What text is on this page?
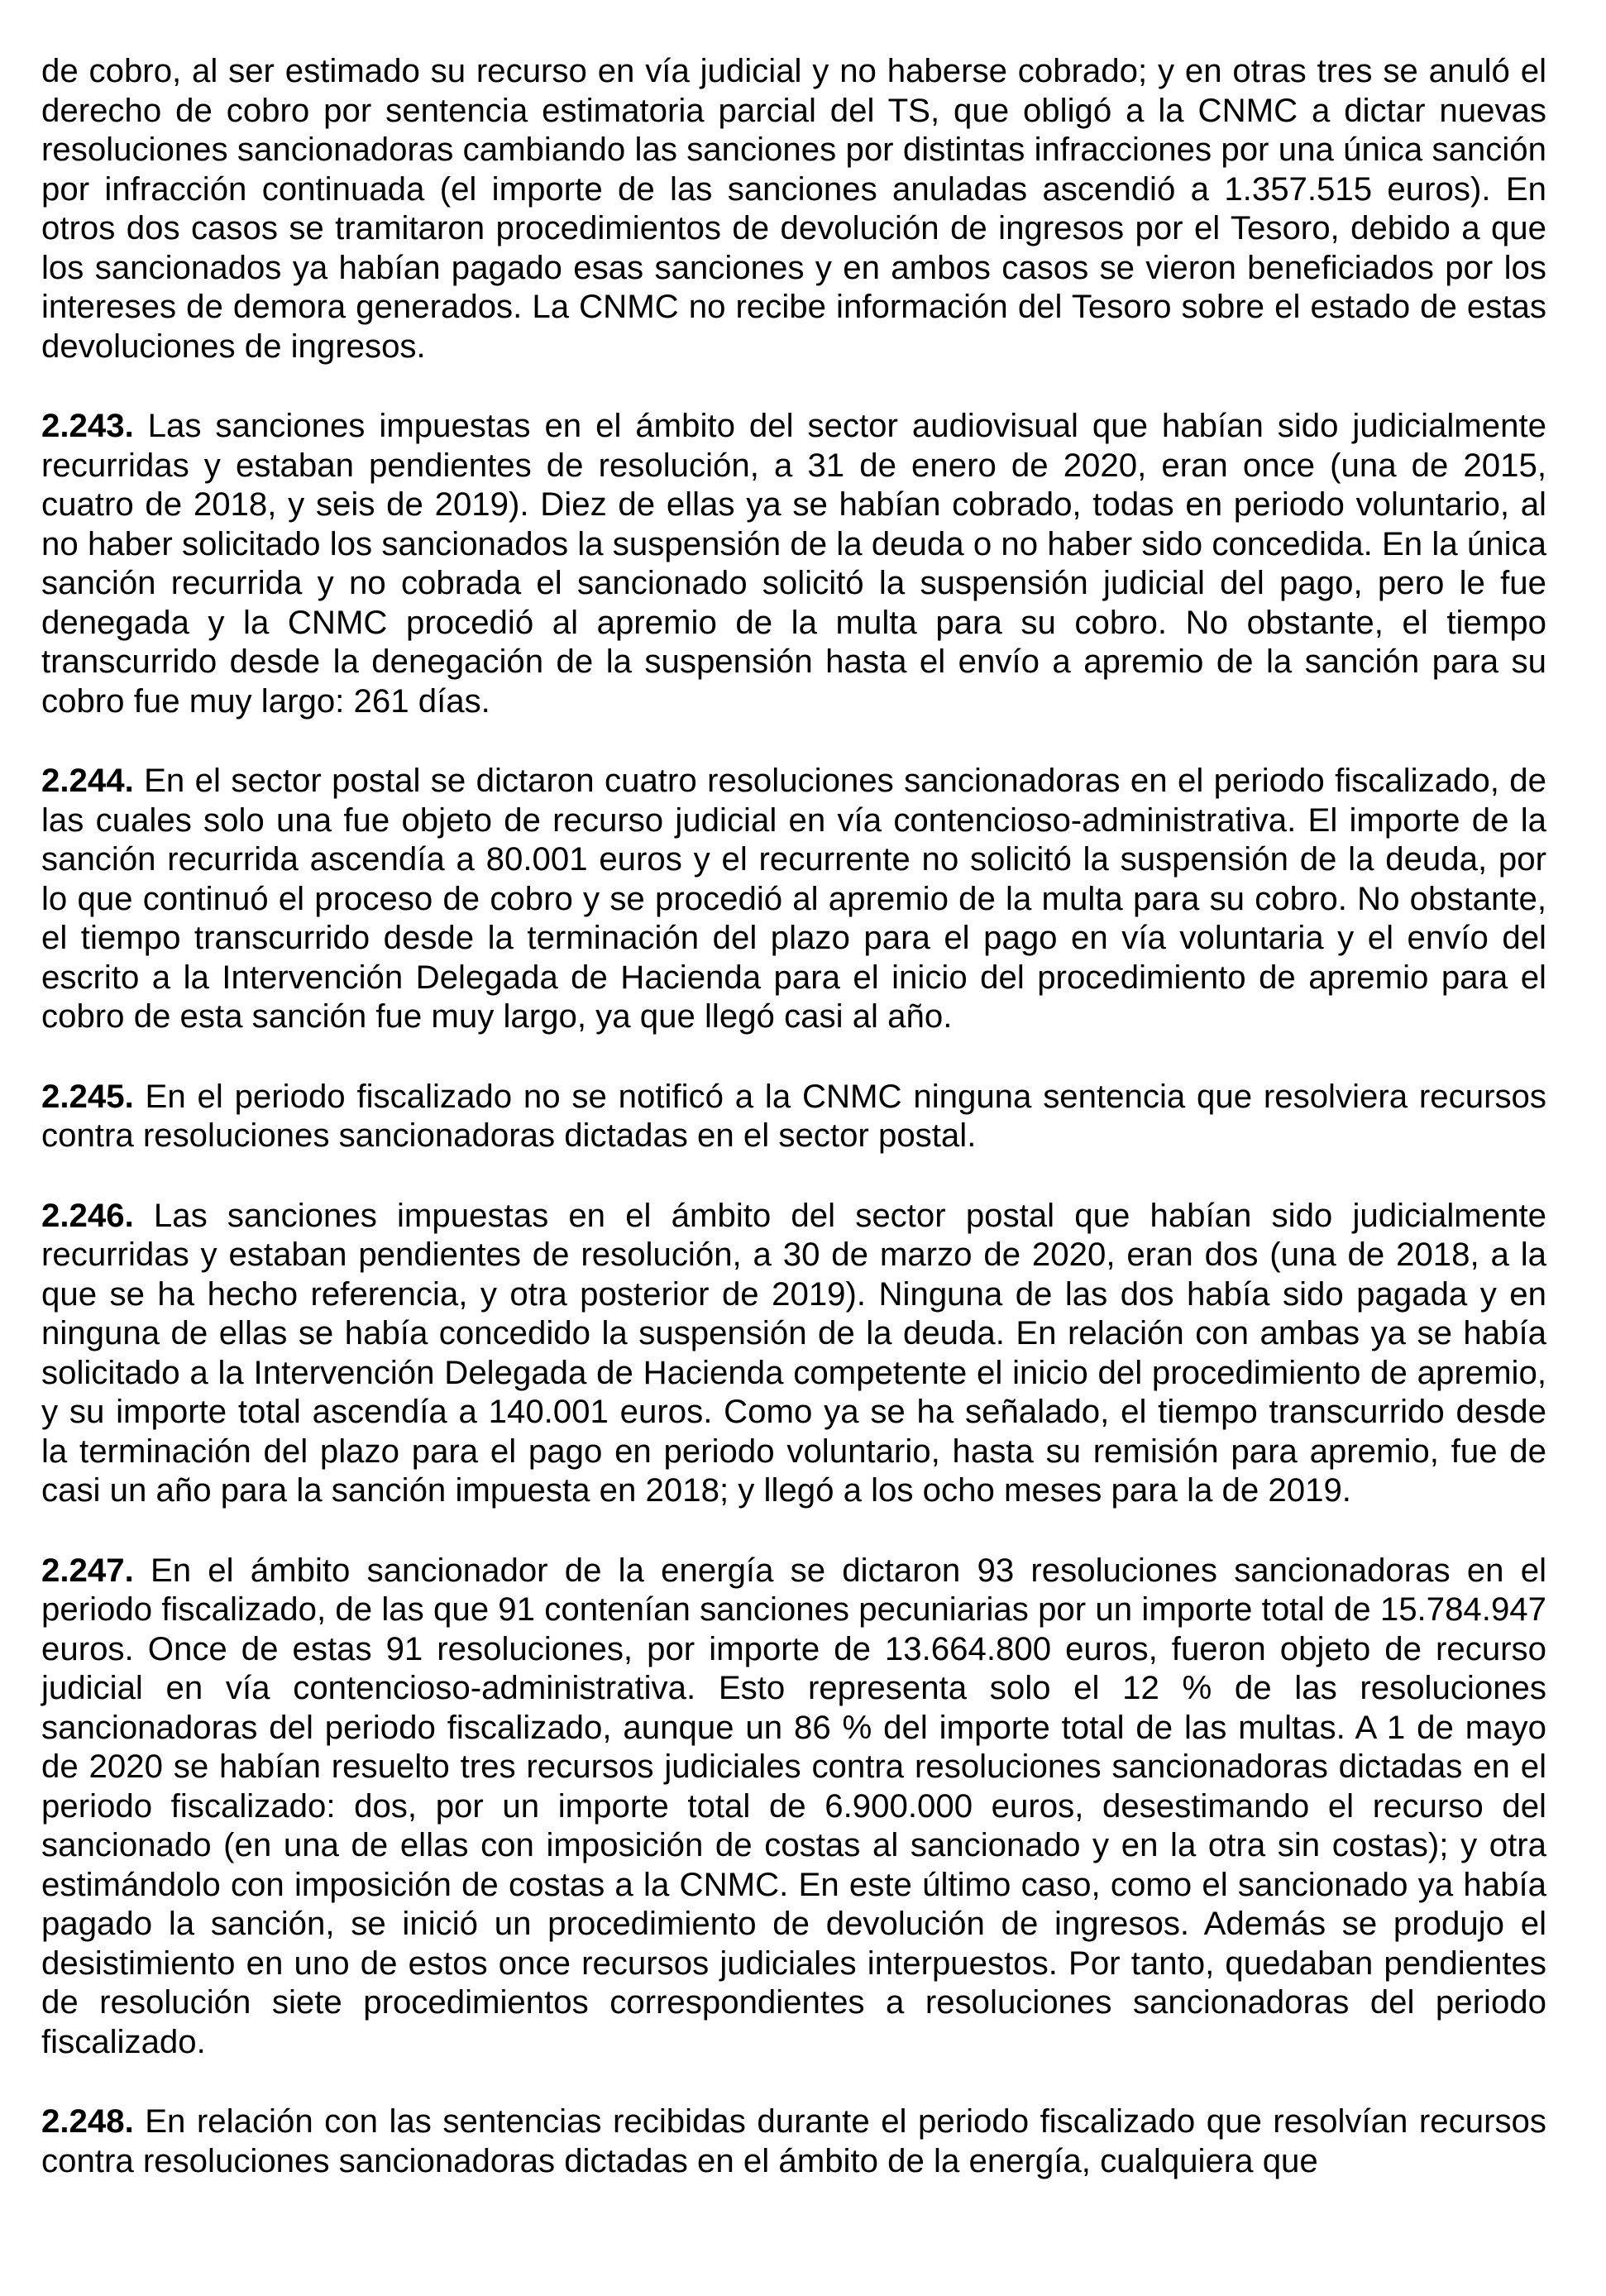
de cobro, al ser estimado su recurso en vía judicial y no haberse cobrado; y en otras tres se anuló el derecho de cobro por sentencia estimatoria parcial del TS, que obligó a la CNMC a dictar nuevas resoluciones sancionadoras cambiando las sanciones por distintas infracciones por una única sanción por infracción continuada (el importe de las sanciones anuladas ascendió a 1.357.515 euros). En otros dos casos se tramitaron procedimientos de devolución de ingresos por el Tesoro, debido a que los sancionados ya habían pagado esas sanciones y en ambos casos se vieron beneficiados por los intereses de demora generados. La CNMC no recibe información del Tesoro sobre el estado de estas devoluciones de ingresos.

2.243. Las sanciones impuestas en el ámbito del sector audiovisual que habían sido judicialmente recurridas y estaban pendientes de resolución, a 31 de enero de 2020, eran once (una de 2015, cuatro de 2018, y seis de 2019). Diez de ellas ya se habían cobrado, todas en periodo voluntario, al no haber solicitado los sancionados la suspensión de la deuda o no haber sido concedida. En la única sanción recurrida y no cobrada el sancionado solicitó la suspensión judicial del pago, pero le fue denegada y la CNMC procedió al apremio de la multa para su cobro. No obstante, el tiempo transcurrido desde la denegación de la suspensión hasta el envío a apremio de la sanción para su cobro fue muy largo: 261 días.

2.244. En el sector postal se dictaron cuatro resoluciones sancionadoras en el periodo fiscalizado, de las cuales solo una fue objeto de recurso judicial en vía contencioso-administrativa. El importe de la sanción recurrida ascendía a 80.001 euros y el recurrente no solicitó la suspensión de la deuda, por lo que continuó el proceso de cobro y se procedió al apremio de la multa para su cobro. No obstante, el tiempo transcurrido desde la terminación del plazo para el pago en vía voluntaria y el envío del escrito a la Intervención Delegada de Hacienda para el inicio del procedimiento de apremio para el cobro de esta sanción fue muy largo, ya que llegó casi al año.

2.245. En el periodo fiscalizado no se notificó a la CNMC ninguna sentencia que resolviera recursos contra resoluciones sancionadoras dictadas en el sector postal.

2.246. Las sanciones impuestas en el ámbito del sector postal que habían sido judicialmente recurridas y estaban pendientes de resolución, a 30 de marzo de 2020, eran dos (una de 2018, a la que se ha hecho referencia, y otra posterior de 2019). Ninguna de las dos había sido pagada y en ninguna de ellas se había concedido la suspensión de la deuda. En relación con ambas ya se había solicitado a la Intervención Delegada de Hacienda competente el inicio del procedimiento de apremio, y su importe total ascendía a 140.001 euros. Como ya se ha señalado, el tiempo transcurrido desde la terminación del plazo para el pago en periodo voluntario, hasta su remisión para apremio, fue de casi un año para la sanción impuesta en 2018; y llegó a los ocho meses para la de 2019.

2.247. En el ámbito sancionador de la energía se dictaron 93 resoluciones sancionadoras en el periodo fiscalizado, de las que 91 contenían sanciones pecuniarias por un importe total de 15.784.947 euros. Once de estas 91 resoluciones, por importe de 13.664.800 euros, fueron objeto de recurso judicial en vía contencioso-administrativa. Esto representa solo el 12 % de las resoluciones sancionadoras del periodo fiscalizado, aunque un 86 % del importe total de las multas. A 1 de mayo de 2020 se habían resuelto tres recursos judiciales contra resoluciones sancionadoras dictadas en el periodo fiscalizado: dos, por un importe total de 6.900.000 euros, desestimando el recurso del sancionado (en una de ellas con imposición de costas al sancionado y en la otra sin costas); y otra estimándolo con imposición de costas a la CNMC. En este último caso, como el sancionado ya había pagado la sanción, se inició un procedimiento de devolución de ingresos. Además se produjo el desistimiento en uno de estos once recursos judiciales interpuestos. Por tanto, quedaban pendientes de resolución siete procedimientos correspondientes a resoluciones sancionadoras del periodo fiscalizado.

2.248. En relación con las sentencias recibidas durante el periodo fiscalizado que resolvían recursos contra resoluciones sancionadoras dictadas en el ámbito de la energía, cualquiera que
